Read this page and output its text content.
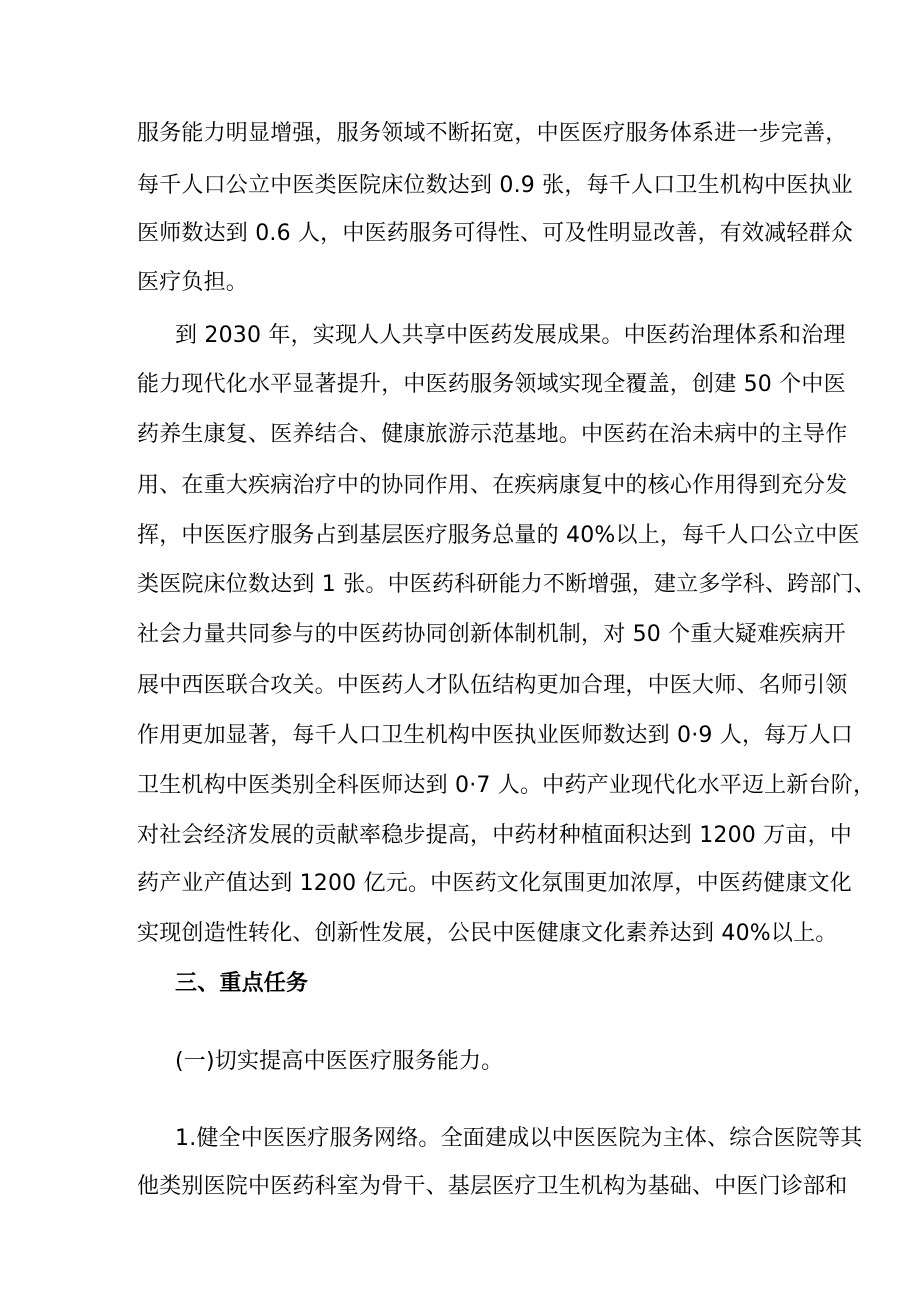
服务能力明显增强，服务领域不断拓宽，中医医疗服务体系进一步完善，
每千人口公立中医类医院床位数达到 0.9 张，每千人口卫生机构中医执业
医师数达到 0.6 人，中医药服务可得性、可及性明显改善，有效减轻群众
医疗负担。
到 2030 年，实现人人共享中医药发展成果。中医药治理体系和治理
能力现代化水平显著提升，中医药服务领域实现全覆盖，创建 50 个中医
药养生康复、医养结合、健康旅游示范基地。中医药在治未病中的主导作
用、在重大疾病治疗中的协同作用、在疾病康复中的核心作用得到充分发
挥，中医医疗服务占到基层医疗服务总量的 40%以上，每千人口公立中医
类医院床位数达到 1 张。中医药科研能力不断增强，建立多学科、跨部门、
社会力量共同参与的中医药协同创新体制机制，对 50 个重大疑难疾病开
展中西医联合攻关。中医药人才队伍结构更加合理，中医大师、名师引领
作用更加显著，每千人口卫生机构中医执业医师数达到 0·9 人，每万人口
卫生机构中医类别全科医师达到 0·7 人。中药产业现代化水平迈上新台阶，
对社会经济发展的贡献率稳步提高，中药材种植面积达到 1200 万亩，中
药产业产值达到 1200 亿元。中医药文化氛围更加浓厚，中医药健康文化
实现创造性转化、创新性发展，公民中医健康文化素养达到 40%以上。
三、重点任务
(一)切实提高中医医疗服务能力。
1.健全中医医疗服务网络。全面建成以中医医院为主体、综合医院等其
他类别医院中医药科室为骨干、基层医疗卫生机构为基础、中医门诊部和
